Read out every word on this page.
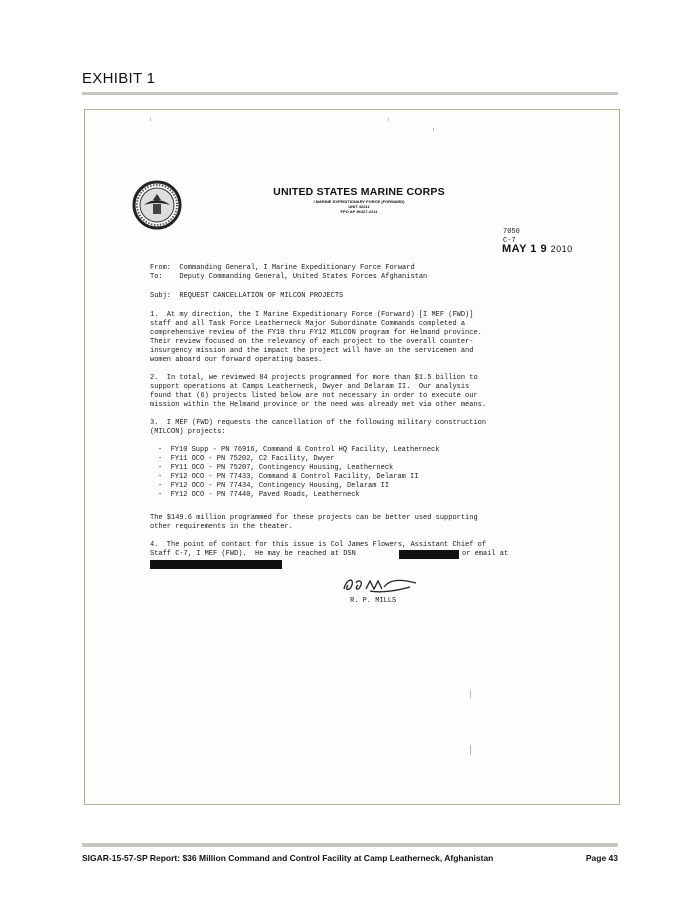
EXHIBIT 1
UNITED STATES MARINE CORPS
I MARINE EXPEDITIONARY FORCE (FORWARD)
UNIT 42211
FPO AP 96427-2211
7050
C-7
MAY 1 9 2010
From:  Commanding General, I Marine Expeditionary Force Forward
To:    Deputy Commanding General, United States Forces Afghanistan
Subj:  REQUEST CANCELLATION OF MILCON PROJECTS
1.  At my direction, the I Marine Expeditionary Force (Forward) [I MEF (FWD)]
staff and all Task Force Leatherneck Major Subordinate Commands completed a
comprehensive review of the FY10 thru FY12 MILCON program for Helmand province.
Their review focused on the relevancy of each project to the overall counter-
insurgency mission and the impact the project will have on the servicemen and
women aboard our forward operating bases.
2.  In total, we reviewed 84 projects programmed for more than $1.5 billion to
support operations at Camps Leatherneck, Dwyer and Delaram II.  Our analysis
found that (6) projects listed below are not necessary in order to execute our
mission within the Helmand province or the need was already met via other means.
3.  I MEF (FWD) requests the cancellation of the following military construction
(MILCON) projects:
-  FY10 Supp - PN 76916, Command & Control HQ Facility, Leatherneck
-  FY11 OCO - PN 75202, C2 Facility, Dwyer
-  FY11 OCO - PN 75207, Contingency Housing, Leatherneck
-  FY12 OCO - PN 77433, Command & Control Facility, Delaram II
-  FY12 OCO - PN 77434, Contingency Housing, Delaram II
-  FY12 OCO - PN 77440, Paved Roads, Leatherneck
The $149.6 million programmed for these projects can be better used supporting
other requirements in the theater.
4.  The point of contact for this issue is Col James Flowers, Assistant Chief of
Staff C-7, I MEF (FWD).  He may be reached at DSN	or email at
R. P. MILLS
SIGAR-15-57-SP Report: $36 Million Command and Control Facility at Camp Leatherneck, Afghanistan	Page 43
